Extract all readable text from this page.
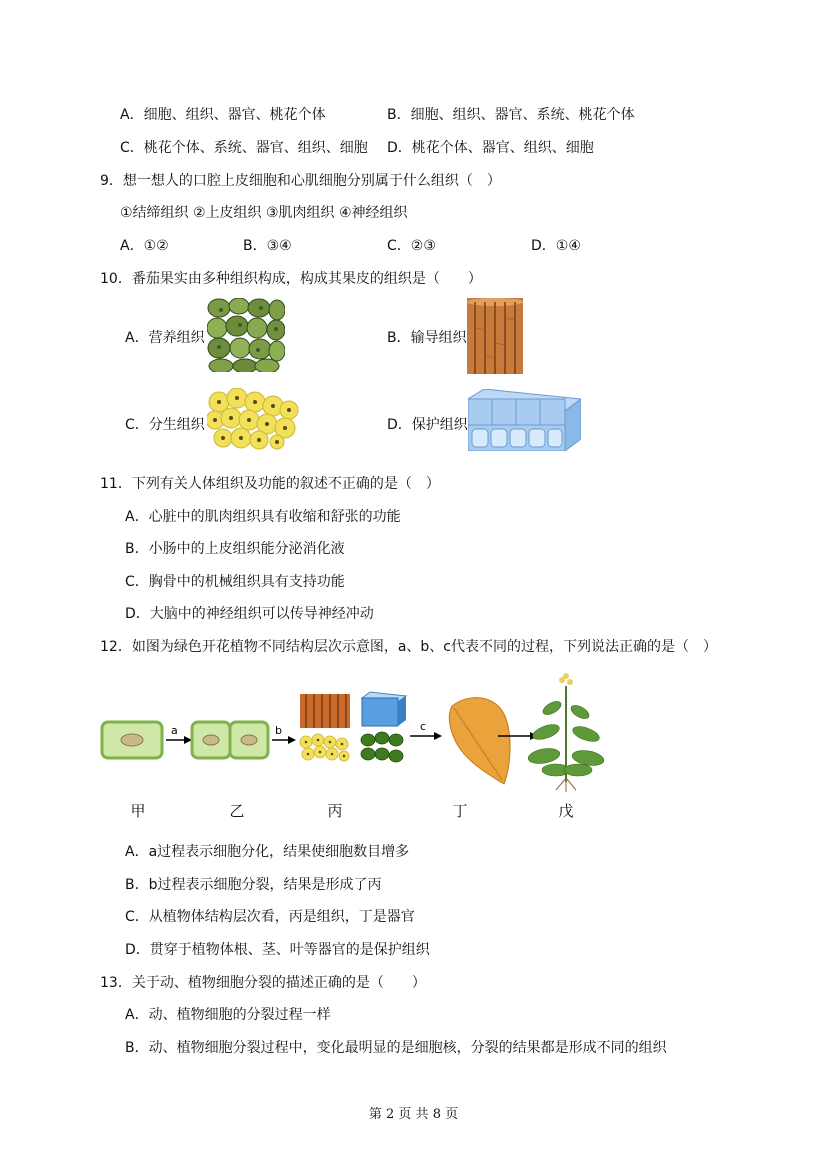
A．细胞、组织、器官、桃花个体	B．细胞、组织、器官、系统、桃花个体
C．桃花个体、系统、器官、组织、细胞 D．桃花个体、器官、组织、细胞
9．想一想人的口腔上皮细胞和心肌细胞分别属于什么组织（　）
①结缔组织 ②上皮组织 ③肌肉组织 ④神经组织
A．①②	B．③④	C．②③	D．①④
10．番茄果实由多种组织构成，构成其果皮的组织是（　　）
A．营养组织	B．输导组织
C．分生组织	D．保护组织
11．下列有关人体组织及功能的叙述不正确的是（　）
A．心脏中的肌肉组织具有收缩和舒张的功能
B．小肠中的上皮组织能分泌消化液
C．胸骨中的机械组织具有支持功能
D．大脑中的神经组织可以传导神经冲动
12．如图为绿色开花植物不同结构层次示意图，a、b、c代表不同的过程，下列说法正确的是（　）
a	b	c
甲	乙	丙	丁	戊
A．a过程表示细胞分化，结果使细胞数目增多
B．b过程表示细胞分裂，结果是形成了丙
C．从植物体结构层次看，丙是组织，丁是器官
D．贯穿于植物体根、茎、叶等器官的是保护组织
13．关于动、植物细胞分裂的描述正确的是（　　）
A．动、植物细胞的分裂过程一样
B．动、植物细胞分裂过程中，变化最明显的是细胞核，分裂的结果都是形成不同的组织
第 2 页 共 8 页
